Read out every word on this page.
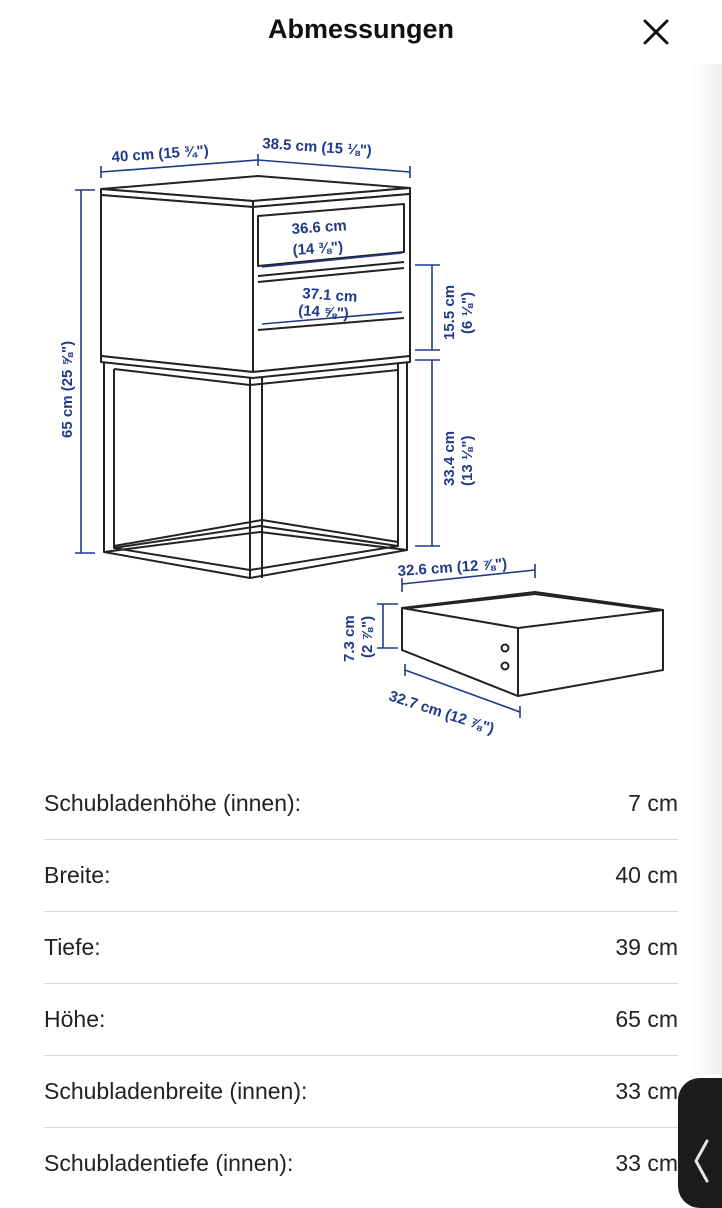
Abmessungen
40 cm (15 ¾")	38.5 cm (15 ⅛")
36.6 cm
(14 ⅜")
37.1 cm
(14 ⅝")
65 cm (25 ⅝")
15.5 cm (6 ⅛")
33.4 cm (13 ⅛")
32.6 cm (12 ⅞")
7.3 cm (2 ⅞")
32.7 cm (12 ⅞")
Schubladenhöhe (innen):	7 cm
Breite:	40 cm
Tiefe:	39 cm
Höhe:	65 cm
Schubladenbreite (innen):	33 cm
Schubladentiefe (innen):	33 cm
